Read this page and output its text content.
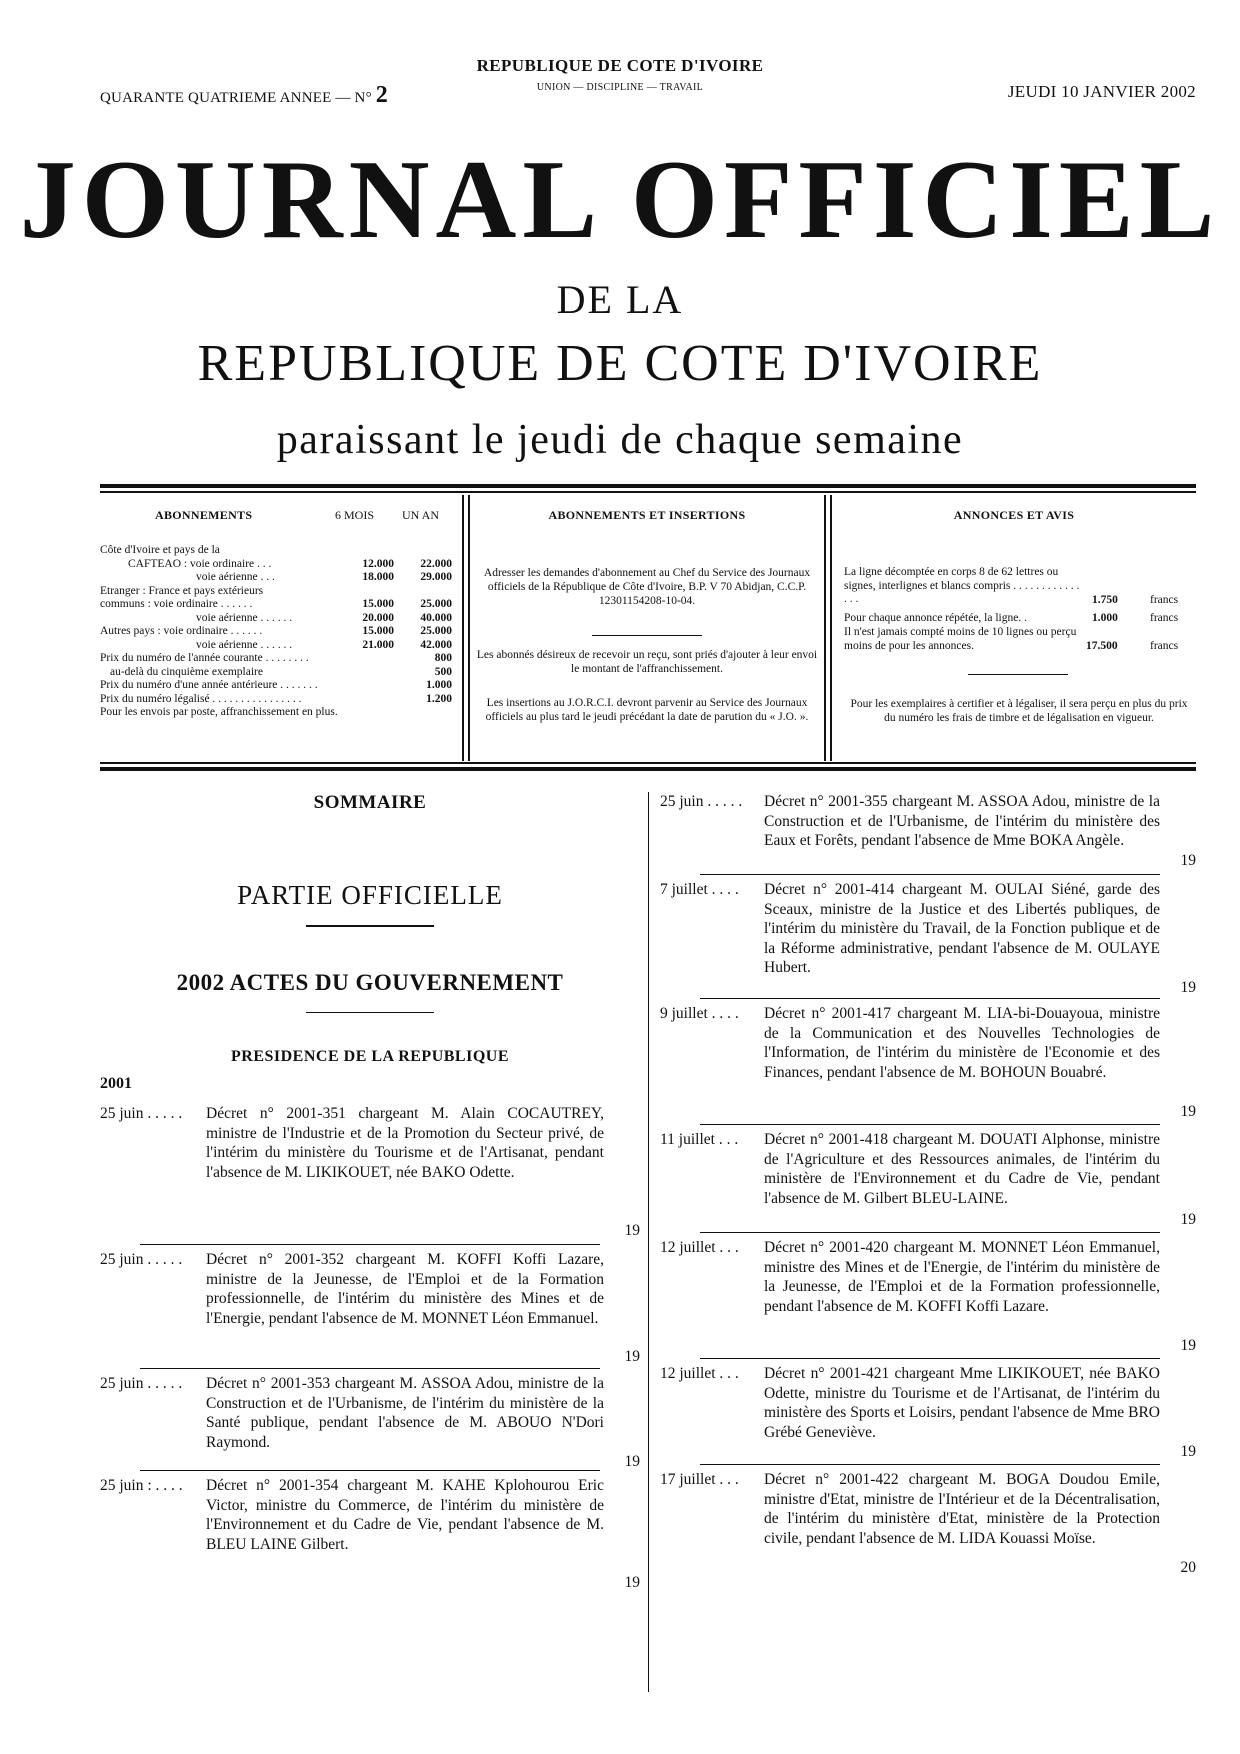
QUARANTE QUATRIEME ANNEE — N° 2
REPUBLIQUE DE COTE D'IVOIRE
UNION — DISCIPLINE — TRAVAIL	JEUDI 10 JANVIER 2002
JOURNAL OFFICIEL
DE LA
REPUBLIQUE DE COTE D'IVOIRE
paraissant le jeudi de chaque semaine
ABONNEMENTS	6 MOIS UN AN
Côte d'Ivoire et pays de la
CAFTEAO : voie ordinaire . . .	12.000 22.000
voie aérienne . . .	18.000 29.000
Etranger : France et pays extérieurs
communs : voie ordinaire . . . . . .	15.000 25.000
voie aérienne . . . . . .	20.000 40.000
Autres pays : voie ordinaire . . . . . .	15.000 25.000
voie aérienne . . . . . .	21.000 42.000
Prix du numéro de l'année courante . . . . . . . .	800
au-delà du cinquième exemplaire	500
Prix du numéro d'une année antérieure . . . . . . .	1.000
Prix du numéro légalisé . . . . . . . . . . . . . . . .	1.200
Pour les envois par poste, affranchissement en plus.
ABONNEMENTS ET INSERTIONS
Adresser les demandes d'abonnement au Chef du Service des Journaux officiels de la République de Côte d'Ivoire, B.P. V 70 Abidjan, C.C.P. 12301154208-10-04.
Les abonnés désireux de recevoir un reçu, sont priés d'ajouter à leur envoi le montant de l'affranchissement.
Les insertions au J.O.R.C.I. devront parvenir au Service des Journaux officiels au plus tard le jeudi précédant la date de parution du « J.O. ».
ANNONCES ET AVIS
La ligne décomptée en corps 8 de 62 lettres ou signes, interlignes et blancs compris . . . . . . . . . . . . . . .	1.750	francs
Pour chaque annonce répétée, la ligne. .	1.000	francs
Il n'est jamais compté moins de 10 lignes ou perçu moins de pour les annonces.	17.500	francs
Pour les exemplaires à certifier et à légaliser, il sera perçu en plus du prix du numéro les frais de timbre et de légalisation en vigueur.
SOMMAIRE
PARTIE OFFICIELLE
2002 ACTES DU GOUVERNEMENT
PRESIDENCE DE LA REPUBLIQUE
2001
25 juin . . . . . Décret n° 2001-351 chargeant M. Alain COCAUTREY, ministre de l'Industrie et de la Promotion du Secteur privé, de l'intérim du ministère du Tourisme et de l'Artisanat, pendant l'absence de M. LIKIKOUET, née BAKO Odette.
19
25 juin . . . . . Décret n° 2001-352 chargeant M. KOFFI Koffi Lazare, ministre de la Jeunesse, de l'Emploi et de la Formation professionnelle, de l'intérim du ministère des Mines et de l'Energie, pendant l'absence de M. MONNET Léon Emmanuel.
19
25 juin . . . . . Décret n° 2001-353 chargeant M. ASSOA Adou, ministre de la Construction et de l'Urbanisme, de l'intérim du ministère de la Santé publique, pendant l'absence de M. ABOUO N'Dori Raymond.
19
25 juin : . . . . Décret n° 2001-354 chargeant M. KAHE Kplohourou Eric Victor, ministre du Commerce, de l'intérim du ministère de l'Environnement et du Cadre de Vie, pendant l'absence de M. BLEU LAINE Gilbert.
19
25 juin . . . . . Décret n° 2001-355 chargeant M. ASSOA Adou, ministre de la Construction et de l'Urbanisme, de l'intérim du ministère des Eaux et Forêts, pendant l'absence de Mme BOKA Angèle.
19
7 juillet . . . . Décret n° 2001-414 chargeant M. OULAI Siéné, garde des Sceaux, ministre de la Justice et des Libertés publiques, de l'intérim du ministère du Travail, de la Fonction publique et de la Réforme administrative, pendant l'absence de M. OULAYE Hubert.
19
9 juillet . . . . Décret n° 2001-417 chargeant M. LIA-bi-Douayoua, ministre de la Communication et des Nouvelles Technologies de l'Information, de l'intérim du ministère de l'Economie et des Finances, pendant l'absence de M. BOHOUN Bouabré.
19
11 juillet . . . Décret n° 2001-418 chargeant M. DOUATI Alphonse, ministre de l'Agriculture et des Ressources animales, de l'intérim du ministère de l'Environnement et du Cadre de Vie, pendant l'absence de M. Gilbert BLEU-LAINE.
19
12 juillet . . . Décret n° 2001-420 chargeant M. MONNET Léon Emmanuel, ministre des Mines et de l'Energie, de l'intérim du ministère de la Jeunesse, de l'Emploi et de la Formation professionnelle, pendant l'absence de M. KOFFI Koffi Lazare.
19
12 juillet . . . Décret n° 2001-421 chargeant Mme LIKIKOUET, née BAKO Odette, ministre du Tourisme et de l'Artisanat, de l'intérim du ministère des Sports et Loisirs, pendant l'absence de Mme BRO Grébé Geneviève.
19
17 juillet . . . Décret n° 2001-422 chargeant M. BOGA Doudou Emile, ministre d'Etat, ministre de l'Intérieur et de la Décentralisation, de l'intérim du ministère d'Etat, ministère de la Protection civile, pendant l'absence de M. LIDA Kouassi Moïse.
20
